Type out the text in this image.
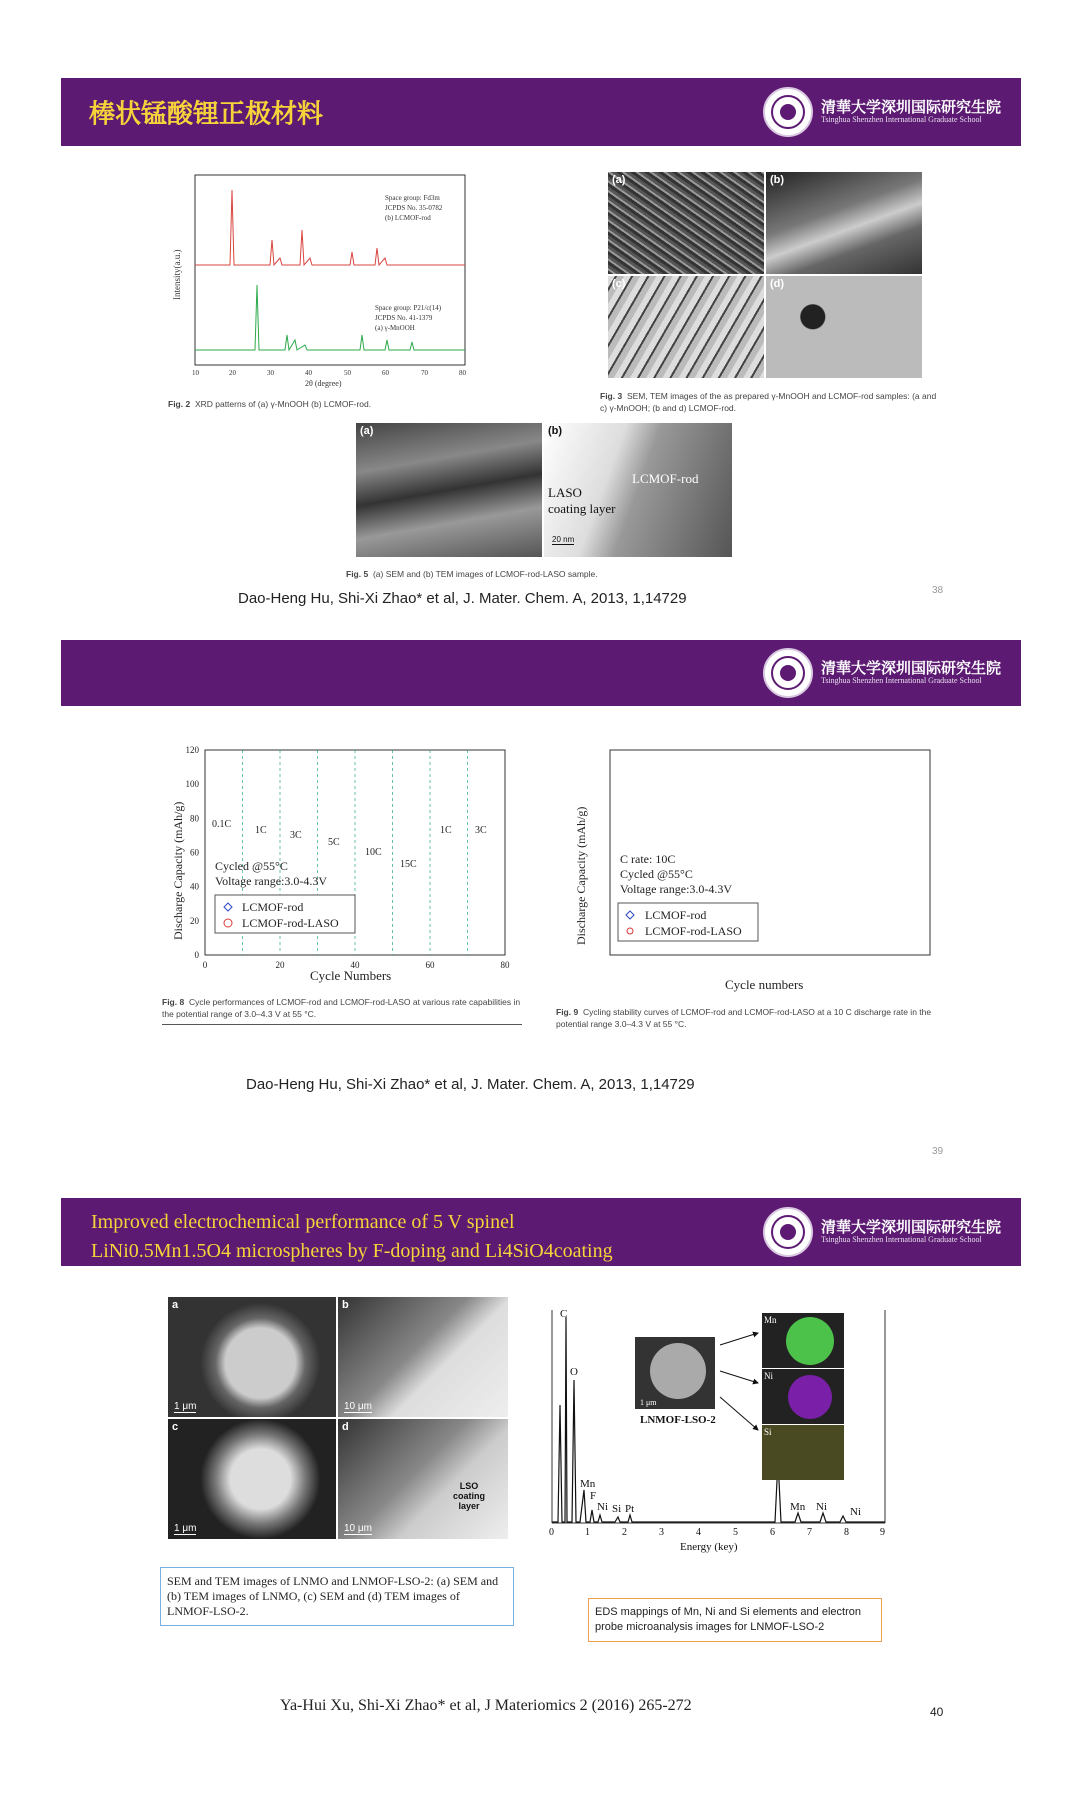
棒状锰酸锂正极材料	清華大学深圳国际研究生院
Tsinghua Shenzhen International Graduate School
Intensity(a.u.)
Space group: Fd3m
JCPDS No. 35-0782
(b) LCMOF-rod
Space group: P21/c(14)
JCPDS No. 41-1379
(a) γ-MnOOH
10	20	30	40	50	60	70	80
2θ (degree)
Fig. 2 XRD patterns of (a) γ-MnOOH (b) LCMOF-rod.
(a)	(b)
(c)	(d)
Fig. 3 SEM, TEM images of the as prepared γ-MnOOH and LCMOF-rod samples: (a and c) γ-MnOOH; (b and d) LCMOF-rod.
(a)	(b)
LCMOF-rod
LASO
coating layer
20 nm
Fig. 5 (a) SEM and (b) TEM images of LCMOF-rod-LASO sample.
Dao-Heng Hu, Shi-Xi Zhao* et al, J. Mater. Chem. A, 2013, 1,14729	38
清華大学深圳国际研究生院
Tsinghua Shenzhen International Graduate School
Discharge Capacity (mAh/g)
Cycle Numbers
0
20
40
60
80
100
120
0	20	40	60	80
0.1C
1C 3C
5C
10C
15C
1C 3C
Cycled @55°C
Voltage range:3.0-4.3V
LCMOF-rod
LCMOF-rod-LASO
Fig. 8 Cycle performances of LCMOF-rod and LCMOF-rod-LASO at various rate capabilities in the potential range of 3.0–4.3 V at 55 °C.
Discharge Capacity (mAh/g)
Cycle numbers
C rate: 10C
Cycled @55°C
Voltage range:3.0-4.3V
LCMOF-rod
LCMOF-rod-LASO
Fig. 9 Cycling stability curves of LCMOF-rod and LCMOF-rod-LASO at a 10 C discharge rate in the potential range 3.0–4.3 V at 55 °C.
Dao-Heng Hu, Shi-Xi Zhao* et al, J. Mater. Chem. A, 2013, 1,14729
39
Improved electrochemical performance of 5 V spinel
LiNi0.5Mn1.5O4 microspheres by F-doping and Li4SiO4coating
清華大学深圳国际研究生院
Tsinghua Shenzhen International Graduate School
a
1 μm
b
10 μm
c
1 μm
d
LSO coating layer
10 μm
SEM and TEM images of LNMO and LNMOF-LSO-2: (a) SEM and (b) TEM images of LNMO, (c) SEM and (d) TEM images of LNMOF-LSO-2.
C
O
Mn
F
Ni Si Pt	Mn Ni Ni
0	1	2	3	4	5	6	7	8	9
Energy (key)
1 μm
LNMOF-LSO-2
Mn
Ni
Si
EDS mappings of Mn, Ni and Si elements and electron probe microanalysis images for LNMOF-LSO-2
Ya-Hui Xu, Shi-Xi Zhao* et al, J Materiomics 2 (2016) 265-272	40
